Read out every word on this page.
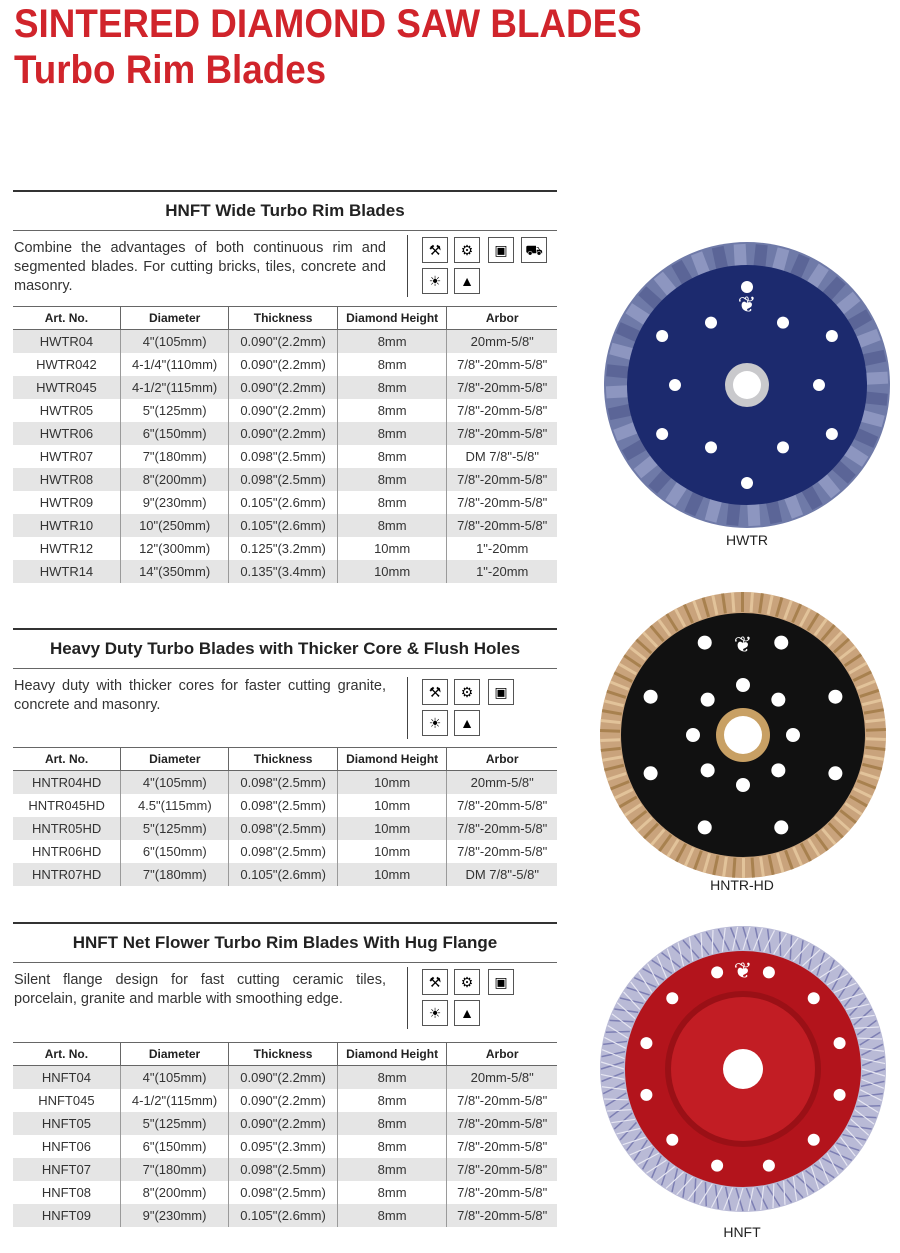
SINTERED DIAMOND SAW BLADES
Turbo Rim Blades
HNFT Wide Turbo Rim Blades
Combine the advantages of both continuous rim and segmented blades. For cutting bricks, tiles, concrete and masonry.
⚒	⚙	▣	⛟
☀	▲
Art. No.	Diameter	Thickness	Diamond Height	Arbor
HWTR04	4"(105mm)	0.090"(2.2mm)	8mm	20mm-5/8"
HWTR042	4-1/4"(110mm)	0.090"(2.2mm)	8mm	7/8"-20mm-5/8"
HWTR045	4-1/2"(115mm)	0.090"(2.2mm)	8mm	7/8"-20mm-5/8"
HWTR05	5"(125mm)	0.090"(2.2mm)	8mm	7/8"-20mm-5/8"
HWTR06	6"(150mm)	0.090"(2.2mm)	8mm	7/8"-20mm-5/8"
HWTR07	7"(180mm)	0.098"(2.5mm)	8mm	DM 7/8"-5/8"
HWTR08	8"(200mm)	0.098"(2.5mm)	8mm	7/8"-20mm-5/8"
HWTR09	9"(230mm)	0.105"(2.6mm)	8mm	7/8"-20mm-5/8"
HWTR10	10"(250mm)	0.105"(2.6mm)	8mm	7/8"-20mm-5/8"
HWTR12	12"(300mm)	0.125"(3.2mm)	10mm	1"-20mm
HWTR14	14"(350mm)	0.135"(3.4mm)	10mm	1"-20mm
Heavy Duty Turbo Blades with Thicker Core & Flush Holes
Heavy duty with thicker cores for faster cutting granite, concrete and masonry.
⚒	⚙	▣
☀	▲
Art. No.	Diameter	Thickness	Diamond Height	Arbor
HNTR04HD	4"(105mm)	0.098"(2.5mm)	10mm	20mm-5/8"
HNTR045HD	4.5"(115mm)	0.098"(2.5mm)	10mm	7/8"-20mm-5/8"
HNTR05HD	5"(125mm)	0.098"(2.5mm)	10mm	7/8"-20mm-5/8"
HNTR06HD	6"(150mm)	0.098"(2.5mm)	10mm	7/8"-20mm-5/8"
HNTR07HD	7"(180mm)	0.105"(2.6mm)	10mm	DM 7/8"-5/8"
HNFT Net Flower Turbo Rim Blades With Hug Flange
Silent flange design for fast cutting ceramic tiles, porcelain, granite and marble with smoothing edge.
⚒	⚙	▣
☀	▲
Art. No.	Diameter	Thickness	Diamond Height	Arbor
HNFT04	4"(105mm)	0.090"(2.2mm)	8mm	20mm-5/8"
HNFT045	4-1/2"(115mm)	0.090"(2.2mm)	8mm	7/8"-20mm-5/8"
HNFT05	5"(125mm)	0.090"(2.2mm)	8mm	7/8"-20mm-5/8"
HNFT06	6"(150mm)	0.095"(2.3mm)	8mm	7/8"-20mm-5/8"
HNFT07	7"(180mm)	0.098"(2.5mm)	8mm	7/8"-20mm-5/8"
HNFT08	8"(200mm)	0.098"(2.5mm)	8mm	7/8"-20mm-5/8"
HNFT09	9"(230mm)	0.105"(2.6mm)	8mm	7/8"-20mm-5/8"
❦
HWTR
❦
HNTR-HD
❦
HNFT
